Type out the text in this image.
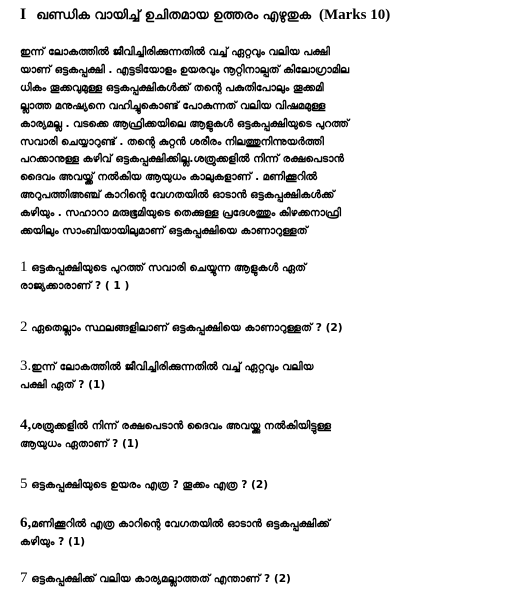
I ഖണ്ഡിക വായിച്ച് ഉചിതമായ ഉത്തരം എഴുതുക (Marks 10)
ഇന്ന് ലോകത്തിൽ ജീവിച്ചിരിക്കുന്നതിൽ വച്ച് ഏറ്റവും വലിയ പക്ഷി
യാണ് ഒട്ടകപ്പക്ഷി . എട്ടടിയോളം ഉയരവും നൂറ്റിനാല്പത് കിലോഗ്രാമില
ധികം തൂക്കവുമുള്ള ഒട്ടകപ്പക്ഷികൾക്ക് തന്റെ പകുതിപോലും തൂക്കമി
ല്ലാത്ത മനുഷ്യനെ വഹിച്ചുകൊണ്ട് പോകുന്നത് വലിയ വിഷമമുള്ള
കാര്യമല്ല . വടക്കെ ആഫ്രിക്കയിലെ ആളുകൾ ഒട്ടകപ്പക്ഷിയുടെ പുറത്ത്
സവാരി ചെയ്യാറുണ്ട് . തന്റെ കുറ്റൻ ശരീരം നിലത്തുനിന്നുയർത്തി
പറക്കാനുള്ള കഴിവ് ഒട്ടകപ്പക്ഷിക്കില്ല.ശത്രുക്കളിൽ നിന്ന് രക്ഷപെടാൻ
ദൈവം അവയ്ക്ക് നൽകിയ ആയുധം കാലുകളാണ് . മണിക്കൂറിൽ
അറുപത്തിഅഞ്ച് കാറിന്റെ വേഗതയിൽ ഓടാൻ ഒട്ടകപ്പക്ഷികൾക്ക്
കഴിയും . സഹാറാ മരുഭൂമിയുടെ തെക്കുള്ള പ്രദേശത്തും കിഴക്കനാഫ്രി
ക്കയിലും സാംബിയായിലുമാണ് ഒട്ടകപ്പക്ഷിയെ കാണാറുള്ളത്
1 ഒട്ടകപ്പക്ഷിയുടെ പുറത്ത് സവാരി ചെയ്യുന്ന ആളുകൾ ഏത്
രാജ്യക്കാരാണ് ? ( 1 )
2 ഏതെല്ലാം സ്ഥലങ്ങളിലാണ് ഒട്ടകപ്പക്ഷിയെ കാണാറുള്ളത് ? (2)
3.ഇന്ന് ലോകത്തിൽ ജീവിച്ചിരിക്കുന്നതിൽ വച്ച് ഏറ്റവും വലിയ
പക്ഷി ഏത് ? (1)
4,ശത്രുക്കളിൽ നിന്ന് രക്ഷപെടാൻ ദൈവം അവയ്ക്കു നൽകിയിട്ടുള്ള
ആയുധം ഏതാണ് ? (1)
5 ഒട്ടകപ്പക്ഷിയുടെ ഉയരം എത്ര ? തൂക്കം എത്ര ? (2)
6,മണിക്കൂറിൽ എത്ര കാറിന്റെ വേഗതയിൽ ഓടാൻ ഒട്ടകപ്പക്ഷിക്ക്
കഴിയും ? (1)
7 ഒട്ടകപ്പക്ഷിക്ക് വലിയ കാര്യമല്ലാത്തത് എന്താണ് ? (2)
